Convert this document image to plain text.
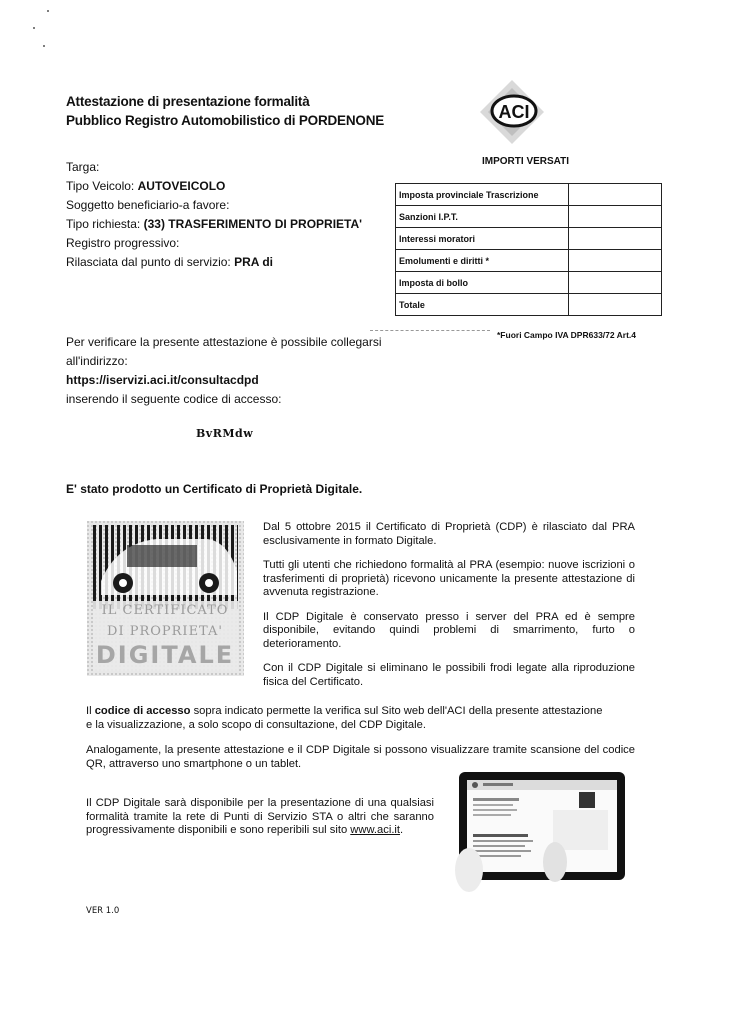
Attestazione di presentazione formalità
Pubblico Registro Automobilistico di PORDENONE	ACI
Targa:
Tipo Veicolo: AUTOVEICOLO
Soggetto beneficiario-a favore:
Tipo richiesta: (33) TRASFERIMENTO DI PROPRIETA'
Registro progressivo:
Rilasciata dal punto di servizio: PRA di
IMPORTI VERSATI
Imposta provinciale Trascrizione	
Sanzioni I.P.T.	
Interessi moratori	
Emolumenti e diritti *	
Imposta di bollo	
Totale	
*Fuori Campo IVA DPR633/72 Art.4
Per verificare la presente attestazione è possibile collegarsi
all'indirizzo:
https://iservizi.aci.it/consultacdpd
inserendo il seguente codice di accesso:
BvRMdw
E' stato prodotto un Certificato di Proprietà Digitale.
IL CERTIFICATO
DI PROPRIETA'
DIGITALE

Dal 5 ottobre 2015 il Certificato di Proprietà (CDP) è rilasciato dal PRA esclusivamente in formato Digitale.

Tutti gli utenti che richiedono formalità al PRA (esempio: nuove iscrizioni o trasferimenti di proprietà) ricevono unicamente la presente attestazione di avvenuta registrazione.

Il CDP Digitale è conservato presso i server del PRA ed è sempre disponibile, evitando quindi problemi di smarrimento, furto o deterioramento.

Con il CDP Digitale si eliminano le possibili frodi legate alla riproduzione fisica del Certificato.

Il codice di accesso sopra indicato permette la verifica sul Sito web dell'ACI della presente attestazione
e la visualizzazione, a solo scopo di consultazione, del CDP Digitale.
Analogamente, la presente attestazione e il CDP Digitale si possono visualizzare tramite scansione del codice QR, attraverso uno smartphone o un tablet.
Il CDP Digitale sarà disponibile per la presentazione di una qualsiasi formalità tramite la rete di Punti di Servizio STA o altri che saranno progressivamente disponibili e sono reperibili sul sito www.aci.it.
VER 1.0
